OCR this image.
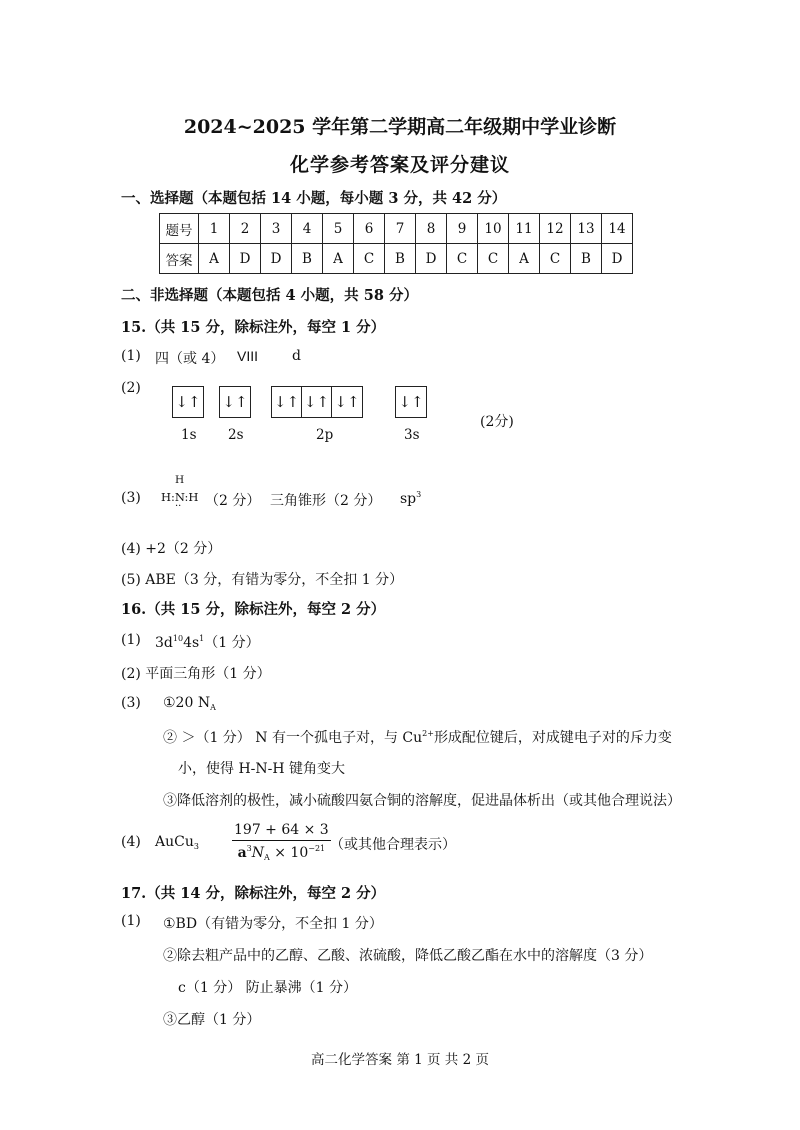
2024~2025 学年第二学期高二年级期中学业诊断
化学参考答案及评分建议
一、选择题（本题包括 14 小题，每小题 3 分，共 42 分）
题号	1	2	3	4	5	6	7	8	9	10	11	12	13	14
答案	A	D	D	B	A	C	B	D	C	C	A	C	B	D
二、非选择题（本题包括 4 小题，共 58 分）
15.（共 15 分，除标注外，每空 1 分）
(1) 四（或 4） VIII d
(2)
↓↑ ↓↑ ↓↑ ↓↑ ↓↑	↓↑
1s 2s	2p	3s
(2分)
(3)
H
H:N:H
·· （2 分） 三角锥形（2 分） $sp^3$
(4) +2（2 分）
(5) ABE（3 分，有错为零分，不全扣 1 分）
16.（共 15 分，除标注外，每空 2 分）
(1) $3d^{10}4s^1(1$ 分）
(2) 平面三角形（1 分）
(3) ①20 $N_A$
② ＞（1 分） N 有一个孤电子对，与 $Cu^{2+}$形成配位键后，对成键电子对的斥力变
小，使得 H-N-H 键角变大
③降低溶剂的极性，减小硫酸四氨合铜的溶解度，促进晶体析出（或其他合理说法）
(4) AuCu$_3$ $\frac{197 + 64 \times 3}{a^3N_A \times 10^{-21}}$ （或其他合理表示）
17.（共 14 分，除标注外，每空 2 分）
(1) ①BD（有错为零分，不全扣 1 分）
②除去粗产品中的乙醇、乙酸、浓硫酸，降低乙酸乙酯在水中的溶解度（3 分）
c（1 分） 防止暴沸（1 分）
③乙醇（1 分）
高二化学答案 第 1 页 共 2 页
